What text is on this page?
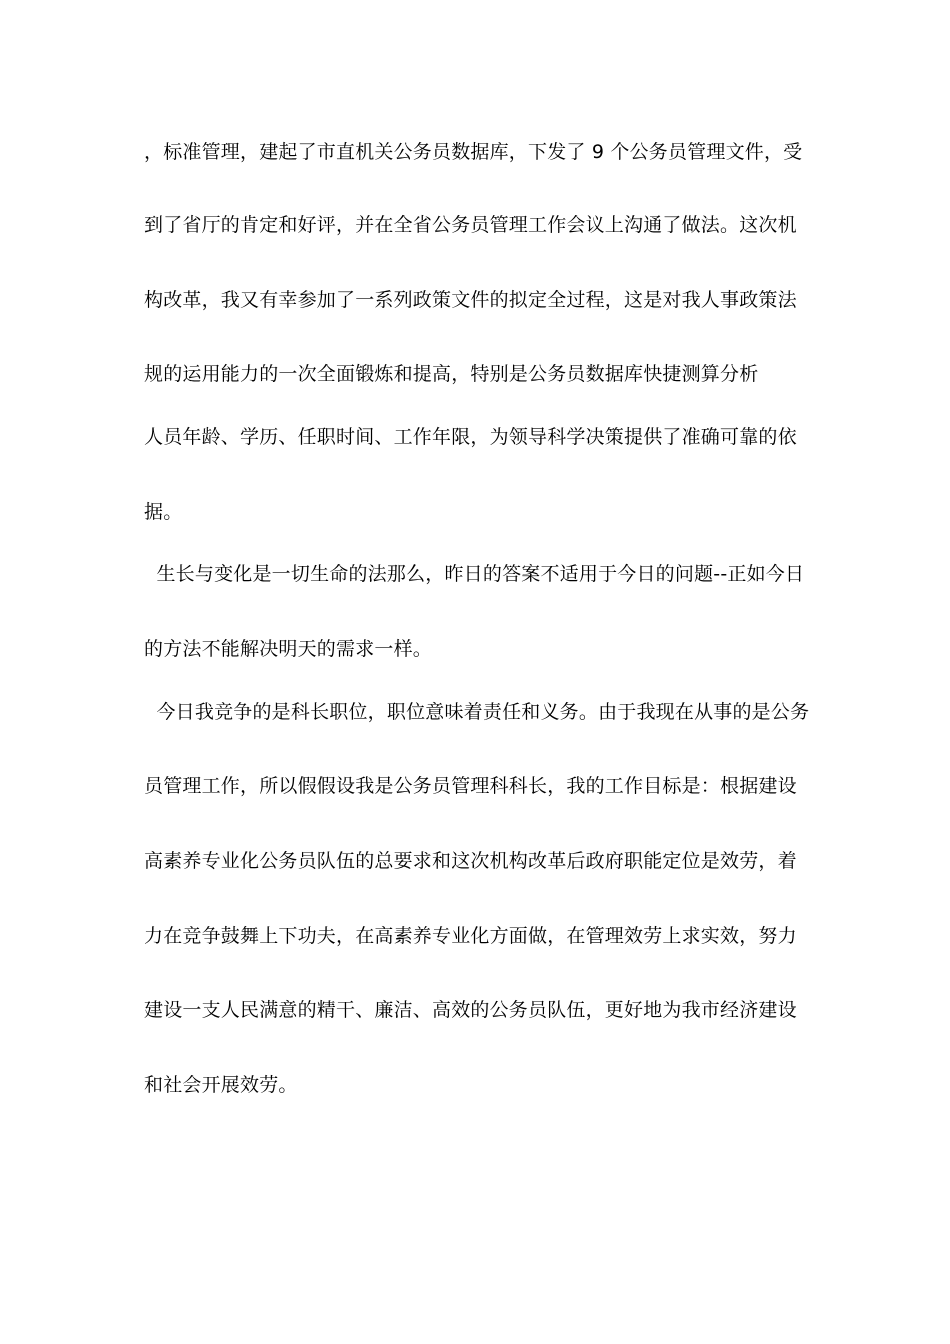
，标准管理，建起了市直机关公务员数据库，下发了 9 个公务员管理文件，受
到了省厅的肯定和好评，并在全省公务员管理工作会议上沟通了做法。这次机
构改革，我又有幸参加了一系列政策文件的拟定全过程，这是对我人事政策法
规的运用能力的一次全面锻炼和提高，特别是公务员数据库快捷测算分析
人员年龄、学历、任职时间、工作年限，为领导科学决策提供了准确可靠的依
据。
生长与变化是一切生命的法那么，昨日的答案不适用于今日的问题--正如今日
的方法不能解决明天的需求一样。
今日我竞争的是科长职位，职位意味着责任和义务。由于我现在从事的是公务
员管理工作，所以假假设我是公务员管理科科长，我的工作目标是：根据建设
高素养专业化公务员队伍的总要求和这次机构改革后政府职能定位是效劳，着
力在竞争鼓舞上下功夫，在高素养专业化方面做，在管理效劳上求实效，努力
建设一支人民满意的精干、廉洁、高效的公务员队伍，更好地为我市经济建设
和社会开展效劳。
